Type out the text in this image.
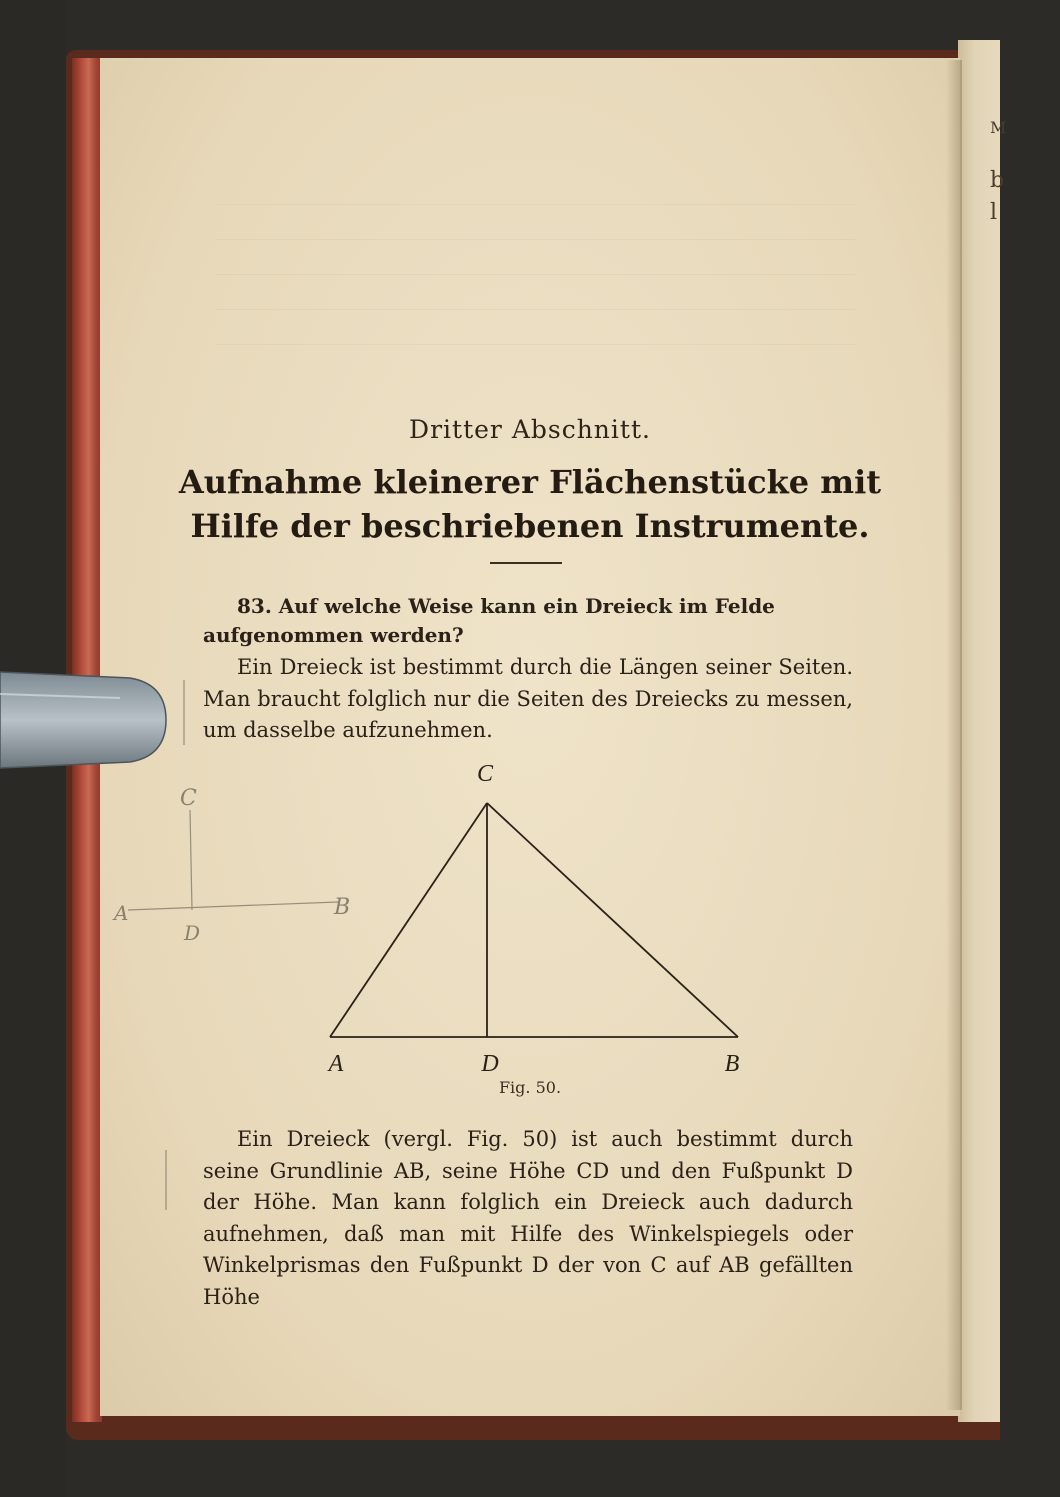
M
b
l
Dritter Abschnitt.
Aufnahme kleinerer Flächenstücke mit Hilfe der beschriebenen Instrumente.
83. Auf welche Weise kann ein Dreieck im Felde aufgenommen werden?
Ein Dreieck ist bestimmt durch die Längen seiner Seiten. Man braucht folglich nur die Seiten des Dreiecks zu messen, um dasselbe aufzunehmen.
C
A	D	B
Fig. 50.
Ein Dreieck (vergl. Fig. 50) ist auch bestimmt durch seine Grundlinie AB, seine Höhe CD und den Fußpunkt D der Höhe. Man kann folglich ein Dreieck auch dadurch aufnehmen, daß man mit Hilfe des Winkelspiegels oder Winkelprismas den Fußpunkt D der von C auf AB gefällten Höhe
C
A	B
D
